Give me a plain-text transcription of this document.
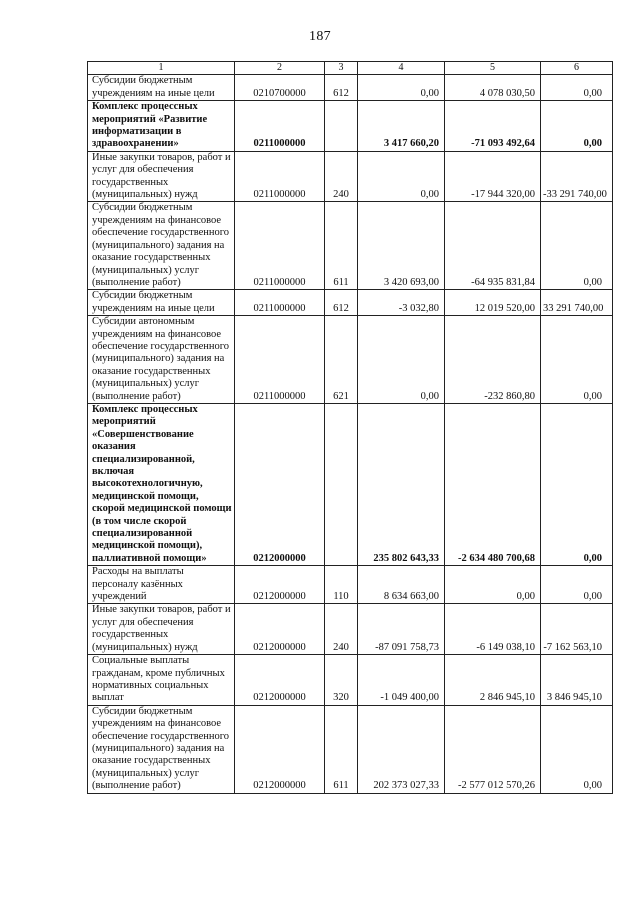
187
1	2	3	4	5	6
Субсидии бюджетным учреждениям на иные цели	0210700000	612	0,00	4 078 030,50	0,00
Комплекс процессных мероприятий «Развитие информатизации в здравоохранении»	0211000000		3 417 660,20	-71 093 492,64	0,00
Иные закупки товаров, работ и услуг для обеспечения государственных (муниципальных) нужд	0211000000	240	0,00	-17 944 320,00	-33 291 740,00
Субсидии бюджетным учреждениям на финансовое обеспечение государственного (муниципального) задания на оказание государственных (муниципальных) услуг (выполнение работ)	0211000000	611	3 420 693,00	-64 935 831,84	0,00
Субсидии бюджетным учреждениям на иные цели	0211000000	612	-3 032,80	12 019 520,00	33 291 740,00
Субсидии автономным учреждениям на финансовое обеспечение государственного (муниципального) задания на оказание государственных (муниципальных) услуг (выполнение работ)	0211000000	621	0,00	-232 860,80	0,00
Комплекс процессных мероприятий «Совершенствование оказания специализированной, включая высокотехнологичную, медицинской помощи, скорой медицинской помощи (в том числе скорой специализированной медицинской помощи), паллиативной помощи»	0212000000		235 802 643,33	-2 634 480 700,68	0,00
Расходы на выплаты персоналу казённых учреждений	0212000000	110	8 634 663,00	0,00	0,00
Иные закупки товаров, работ и услуг для обеспечения государственных (муниципальных) нужд	0212000000	240	-87 091 758,73	-6 149 038,10	-7 162 563,10
Социальные выплаты гражданам, кроме публичных нормативных социальных выплат	0212000000	320	-1 049 400,00	2 846 945,10	3 846 945,10
Субсидии бюджетным учреждениям на финансовое обеспечение государственного (муниципального) задания на оказание государственных (муниципальных) услуг (выполнение работ)	0212000000	611	202 373 027,33	-2 577 012 570,26	0,00
